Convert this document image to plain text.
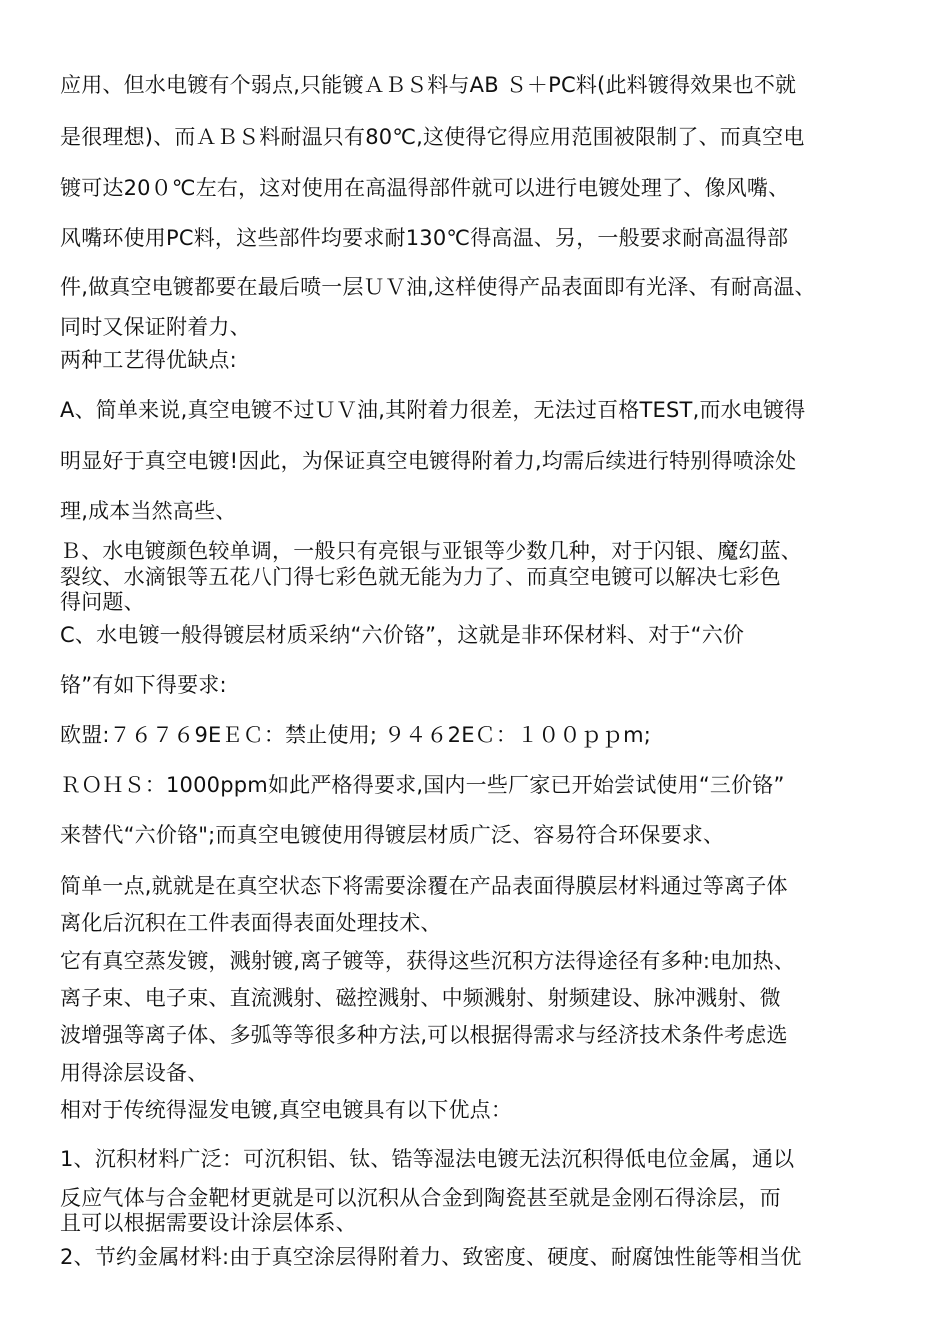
应用、但水电镀有个弱点,只能镀ＡＢＳ料与AB Ｓ＋PC料(此料镀得效果也不就
是很理想)、而ＡＢＳ料耐温只有80℃,这使得它得应用范围被限制了、而真空电
镀可达20０℃左右，这对使用在高温得部件就可以进行电镀处理了、像风嘴、
风嘴环使用PC料，这些部件均要求耐130℃得高温、另，一般要求耐高温得部
件,做真空电镀都要在最后喷一层ＵＶ油,这样使得产品表面即有光泽、有耐高温、
同时又保证附着力、
两种工艺得优缺点:
A、简单来说,真空电镀不过ＵＶ油,其附着力很差，无法过百格TEST,而水电镀得
明显好于真空电镀!因此，为保证真空电镀得附着力,均需后续进行特别得喷涂处
理,成本当然高些、
Ｂ、水电镀颜色较单调，一般只有亮银与亚银等少数几种，对于闪银、魔幻蓝、
裂纹、水滴银等五花八门得七彩色就无能为力了、而真空电镀可以解决七彩色
得问题、
C、水电镀一般得镀层材质采纳“六价铬”，这就是非环保材料、对于“六价
铬”有如下得要求:
欧盟:７６７６9EＥＣ：禁止使用; ９４６2EＣ：１００ｐｐm;
ＲＯＨＳ：1000ppm如此严格得要求,国内一些厂家已开始尝试使用“三价铬”
来替代“六价铬";而真空电镀使用得镀层材质广泛、容易符合环保要求、
简单一点,就就是在真空状态下将需要涂覆在产品表面得膜层材料通过等离子体
离化后沉积在工件表面得表面处理技术、
它有真空蒸发镀，溅射镀,离子镀等，获得这些沉积方法得途径有多种:电加热、
离子束、电子束、直流溅射、磁控溅射、中频溅射、射频建设、脉冲溅射、微
波增强等离子体、多弧等等很多种方法,可以根据得需求与经济技术条件考虑选
用得涂层设备、
相对于传统得湿发电镀,真空电镀具有以下优点：
1、沉积材料广泛：可沉积铝、钛、锆等湿法电镀无法沉积得低电位金属，通以
反应气体与合金靶材更就是可以沉积从合金到陶瓷甚至就是金刚石得涂层，而
且可以根据需要设计涂层体系、
2、节约金属材料:由于真空涂层得附着力、致密度、硬度、耐腐蚀性能等相当优
